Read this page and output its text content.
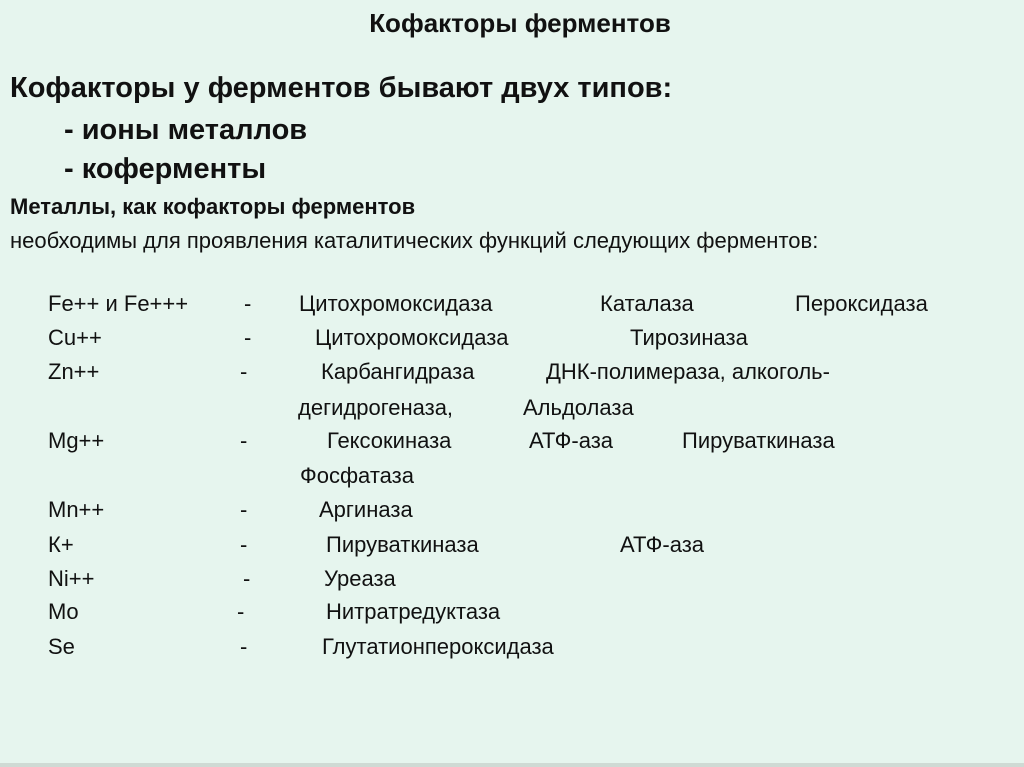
Кофакторы ферментов
Кофакторы у ферментов бывают двух типов:
- ионы металлов
- коферменты
Металлы, как кофакторы ферментов
необходимы для проявления каталитических функций следующих ферментов:
Fe++ и Fe+++	- Цитохромоксидаза	Каталаза	Пероксидаза
Cu++	-	Цитохромоксидаза	Тирозиназа
Zn++	-	Карбангидраза	ДНК-полимераза, алкоголь-
дегидрогеназа,	Альдолаза
Mg++	-	Гексокиназа	АТФ-аза	Пируваткиназа
Фосфатаза
Mn++	-	Аргиназа
К+	-	Пируваткиназа	АТФ-аза
Ni++	-	Уреаза
Mo	-	Нитратредуктаза
Se	-	Глутатионпероксидаза
